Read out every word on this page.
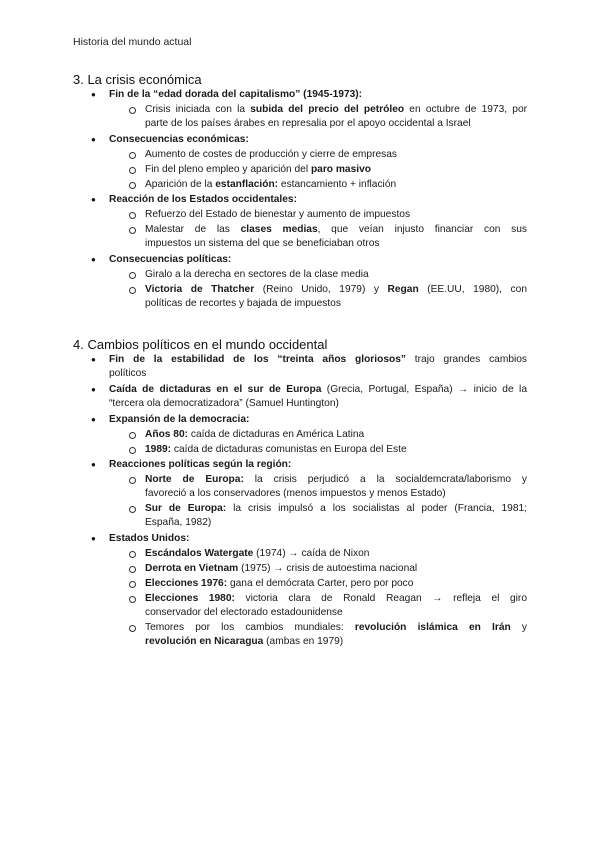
Historia del mundo actual
3. La crisis económica
● Fin de la “edad dorada del capitalismo” (1945-1973):
Crisis iniciada con la subida del precio del petróleo en octubre de 1973, por
parte de los países árabes en represalia por el apoyo occidental a Israel
● Consecuencias económicas:
Aumento de costes de producción y cierre de empresas
Fin del pleno empleo y aparición del paro masivo
Aparición de la estanflación: estancamiento + inflación
● Reacción de los Estados occidentales:
Refuerzo del Estado de bienestar y aumento de impuestos
Malestar de las clases medias, que veían injusto financiar con sus
impuestos un sistema del que se beneficiaban otros
● Consecuencias políticas:
Giralo a la derecha en sectores de la clase media
Victoria de Thatcher (Reino Unido, 1979) y Regan (EE.UU, 1980), con
políticas de recortes y bajada de impuestos
4. Cambios políticos en el mundo occidental
● Fin de la estabilidad de los “treinta años gloriosos” trajo grandes cambios
políticos
● Caída de dictaduras en el sur de Europa (Grecia, Portugal, España) → inicio de la
“tercera ola democratizadora” (Samuel Huntington)
● Expansión de la democracia:
Años 80: caída de dictaduras en América Latina
1989: caída de dictaduras comunistas en Europa del Este
● Reacciones políticas según la región:
Norte de Europa: la crisis perjudicó a la socialdemcrata/laborismo y
favoreció a los conservadores (menos impuestos y menos Estado)
Sur de Europa: la crisis impulsó a los socialistas al poder (Francia, 1981;
España, 1982)
● Estados Unidos:
Escándalos Watergate (1974) → caída de Nixon
Derrota en Vietnam (1975) → crisis de autoestima nacional
Elecciones 1976: gana el demócrata Carter, pero por poco
Elecciones 1980: victoria clara de Ronald Reagan → refleja el giro
conservador del electorado estadounidense
Temores por los cambios mundiales: revolución islámica en Irán y
revolución en Nicaragua (ambas en 1979)
